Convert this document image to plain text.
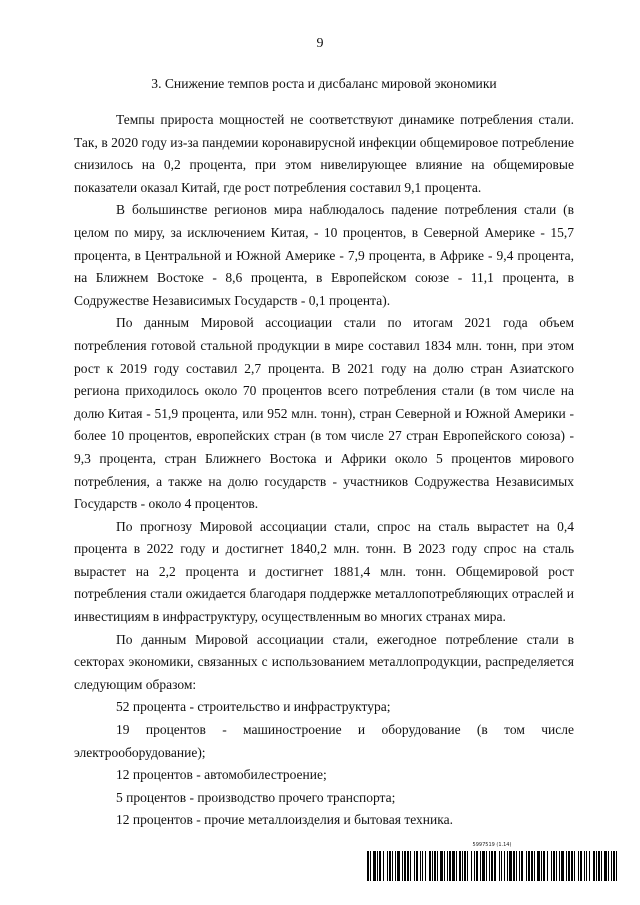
9
3. Снижение темпов роста и дисбаланс мировой экономики

Темпы прироста мощностей не соответствуют динамике потребления стали. Так, в 2020 году из-за пандемии коронавирусной инфекции общемировое потребление снизилось на 0,2 процента, при этом нивелирующее влияние на общемировые показатели оказал Китай, где рост потребления составил 9,1 процента.

В большинстве регионов мира наблюдалось падение потребления стали (в целом по миру, за исключением Китая, - 10 процентов, в Северной Америке - 15,7 процента, в Центральной и Южной Америке - 7,9 процента, в Африке - 9,4 процента, на Ближнем Востоке - 8,6 процента, в Европейском союзе - 11,1 процента, в Содружестве Независимых Государств - 0,1 процента).

По данным Мировой ассоциации стали по итогам 2021 года объем потребления готовой стальной продукции в мире составил 1834 млн. тонн, при этом рост к 2019 году составил 2,7 процента. В 2021 году на долю стран Азиатского региона приходилось около 70 процентов всего потребления стали (в том числе на долю Китая - 51,9 процента, или 952 млн. тонн), стран Северной и Южной Америки - более 10 процентов, европейских стран (в том числе 27 стран Европейского союза) - 9,3 процента, стран Ближнего Востока и Африки около 5 процентов мирового потребления, а также на долю государств - участников Содружества Независимых Государств - около 4 процентов.

По прогнозу Мировой ассоциации стали, спрос на сталь вырастет на 0,4 процента в 2022 году и достигнет 1840,2 млн. тонн. В 2023 году спрос на сталь вырастет на 2,2 процента и достигнет 1881,4 млн. тонн. Общемировой рост потребления стали ожидается благодаря поддержке металлопотребляющих отраслей и инвестициям в инфраструктуру, осуществленным во многих странах мира.

По данным Мировой ассоциации стали, ежегодное потребление стали в секторах экономики, связанных с использованием металлопродукции, распределяется следующим образом:

52 процента - строительство и инфраструктура;

19 процентов - машиностроение и оборудование (в том числе электрооборудование);

12 процентов - автомобилестроение;

5 процентов - производство прочего транспорта;

12 процентов - прочие металлоизделия и бытовая техника.

5997519 (1.14)
